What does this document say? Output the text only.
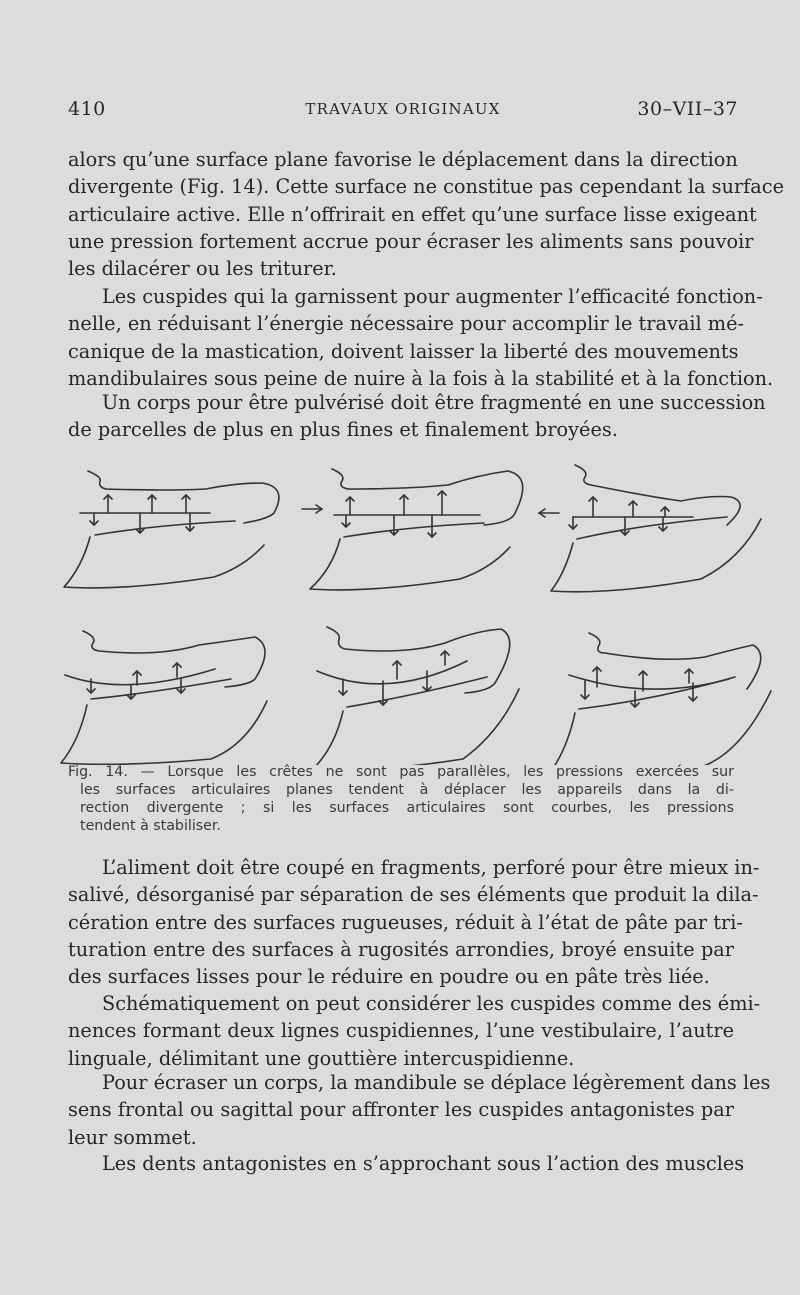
410	TRAVAUX ORIGINAUX	30–VII–37
alors qu’une surface plane favorise le déplacement dans la direction
divergente (Fig. 14). Cette surface ne constitue pas cependant la surface
articulaire active. Elle n’offrirait en effet qu’une surface lisse exigeant
une pression fortement accrue pour écraser les aliments sans pouvoir
les dilacérer ou les triturer.
Les cuspides qui la garnissent pour augmenter l’efficacité fonction-
nelle, en réduisant l’énergie nécessaire pour accomplir le travail mé-
canique de la mastication, doivent laisser la liberté des mouvements
mandibulaires sous peine de nuire à la fois à la stabilité et à la fonction.
Un corps pour être pulvérisé doit être fragmenté en une succession
de parcelles de plus en plus fines et finalement broyées.
Fig. 14. — Lorsque les crêtes ne sont pas parallèles, les pressions exercées sur
les surfaces articulaires planes tendent à déplacer les appareils dans la di-
rection divergente ; si les surfaces articulaires sont courbes, les pressions
tendent à stabiliser.
L’aliment doit être coupé en fragments, perforé pour être mieux in-
salivé, désorganisé par séparation de ses éléments que produit la dila-
cération entre des surfaces rugueuses, réduit à l’état de pâte par tri-
turation entre des surfaces à rugosités arrondies, broyé ensuite par
des surfaces lisses pour le réduire en poudre ou en pâte très liée.
Schématiquement on peut considérer les cuspides comme des émi-
nences formant deux lignes cuspidiennes, l’une vestibulaire, l’autre
linguale, délimitant une gouttière intercuspidienne.
Pour écraser un corps, la mandibule se déplace légèrement dans les
sens frontal ou sagittal pour affronter les cuspides antagonistes par
leur sommet.
Les dents antagonistes en s’approchant sous l’action des muscles
